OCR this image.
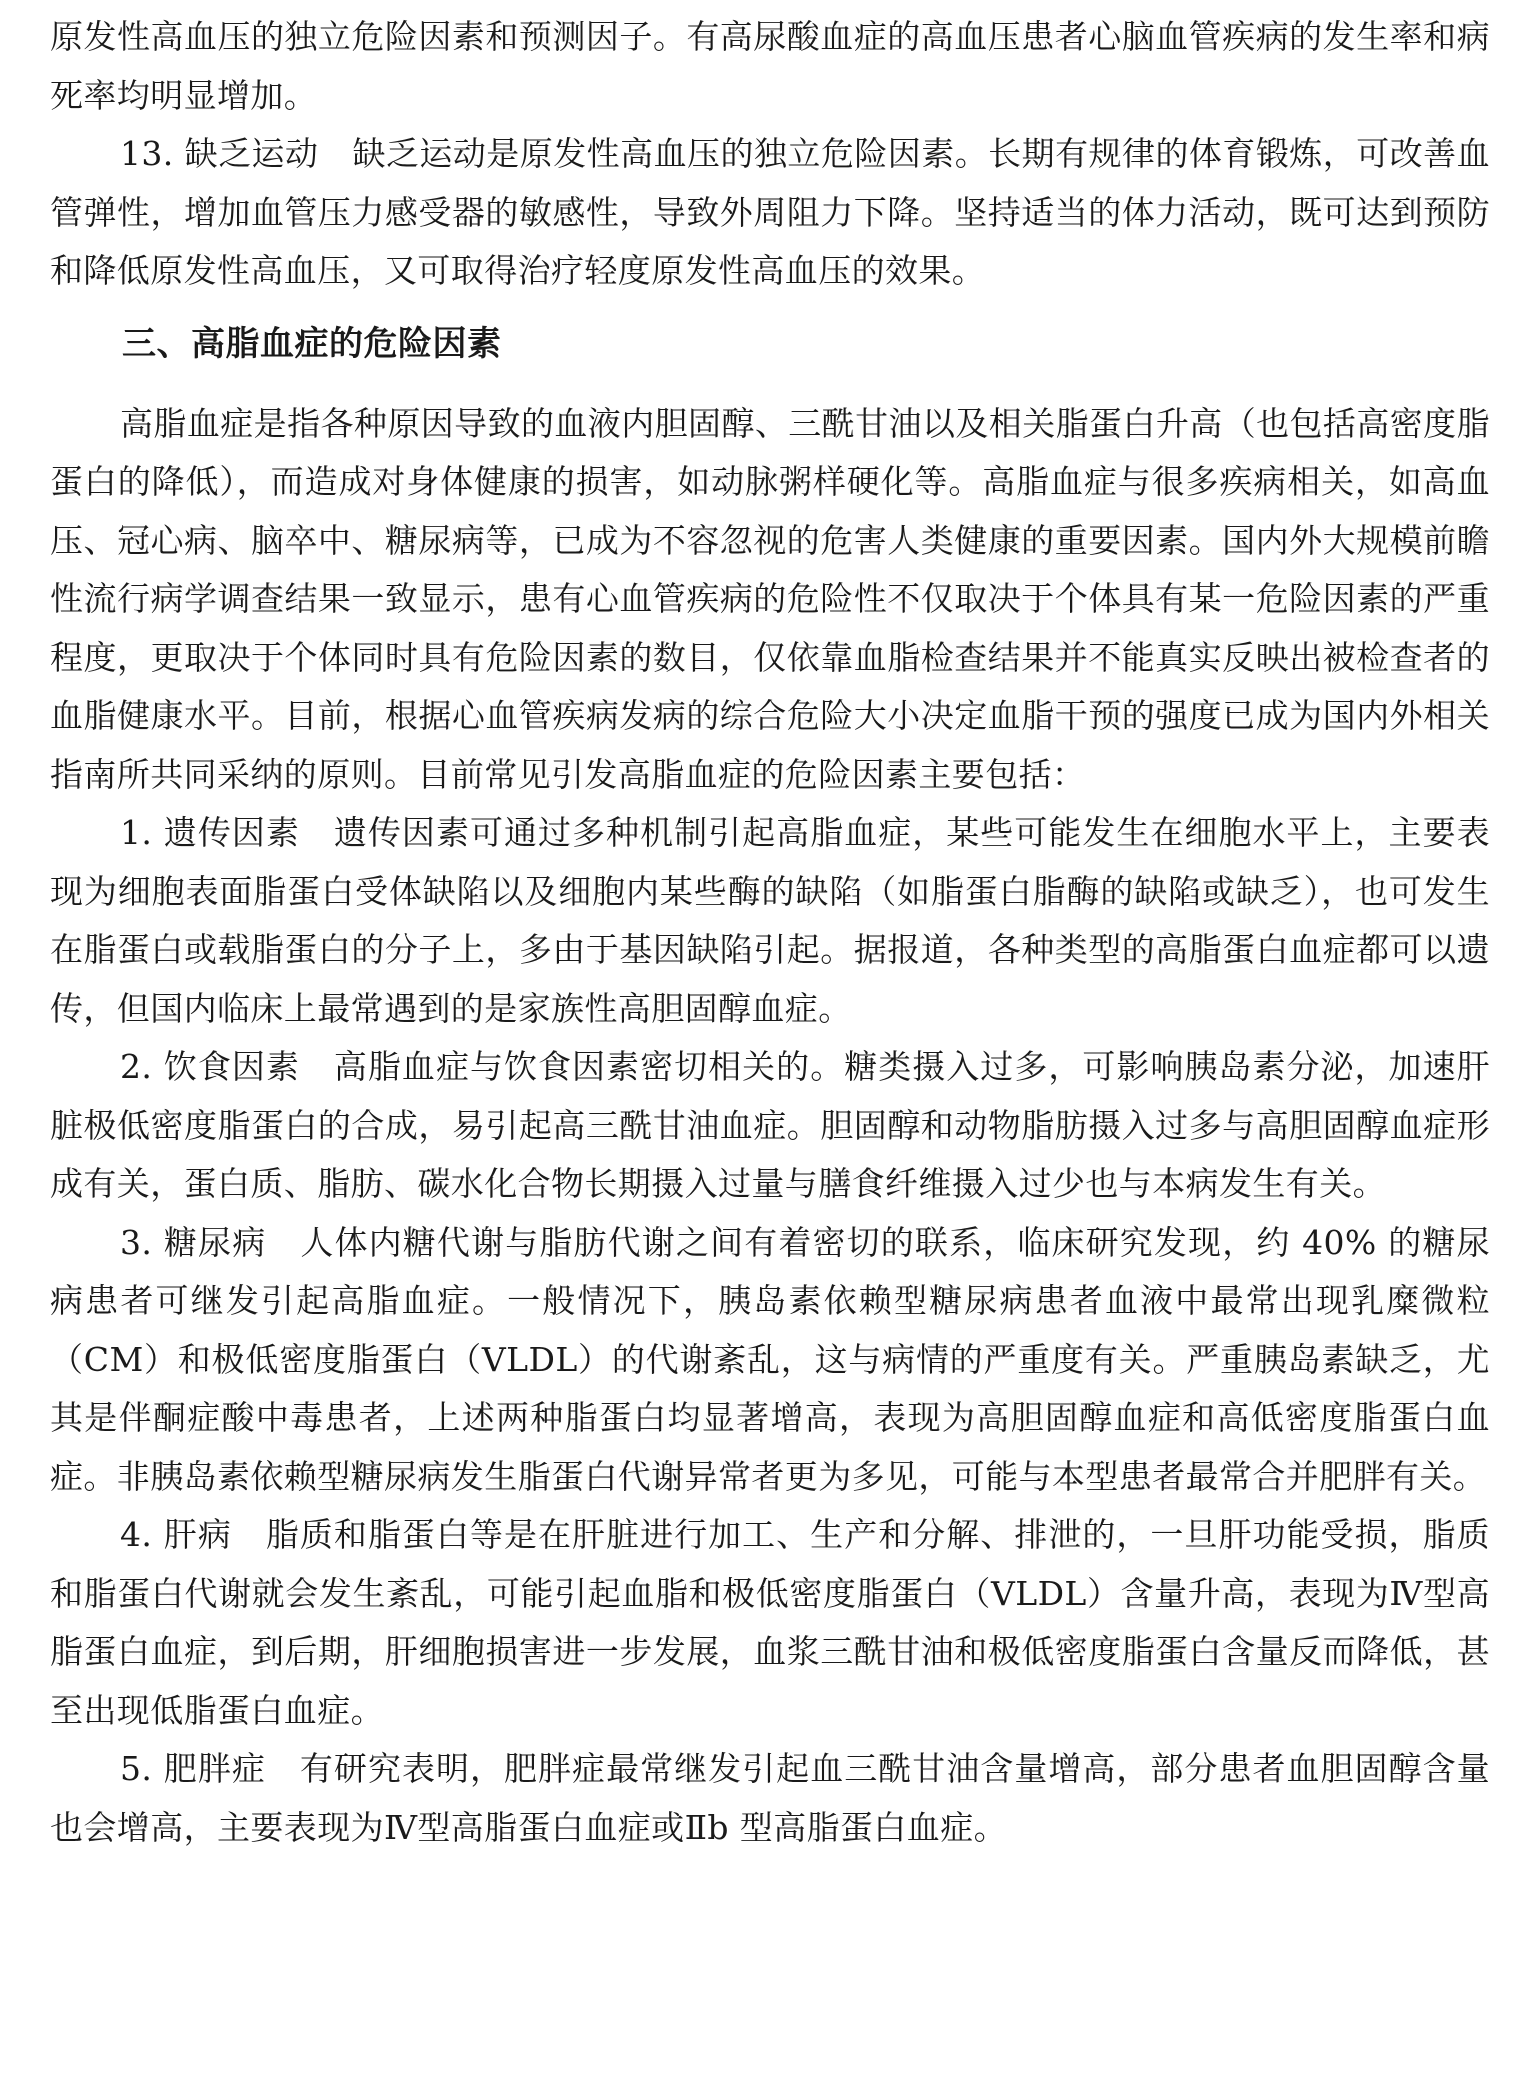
原发性高血压的独立危险因素和预测因子。有高尿酸血症的高血压患者心脑血管疾病的发生率和病死率均明显增加。

13. 缺乏运动 缺乏运动是原发性高血压的独立危险因素。长期有规律的体育锻炼，可改善血管弹性，增加血管压力感受器的敏感性，导致外周阻力下降。坚持适当的体力活动，既可达到预防和降低原发性高血压，又可取得治疗轻度原发性高血压的效果。

三、高脂血症的危险因素

高脂血症是指各种原因导致的血液内胆固醇、三酰甘油以及相关脂蛋白升高（也包括高密度脂蛋白的降低），而造成对身体健康的损害，如动脉粥样硬化等。高脂血症与很多疾病相关，如高血压、冠心病、脑卒中、糖尿病等，已成为不容忽视的危害人类健康的重要因素。国内外大规模前瞻性流行病学调查结果一致显示，患有心血管疾病的危险性不仅取决于个体具有某一危险因素的严重程度，更取决于个体同时具有危险因素的数目，仅依靠血脂检查结果并不能真实反映出被检查者的血脂健康水平。目前，根据心血管疾病发病的综合危险大小决定血脂干预的强度已成为国内外相关指南所共同采纳的原则。目前常见引发高脂血症的危险因素主要包括：

1. 遗传因素 遗传因素可通过多种机制引起高脂血症，某些可能发生在细胞水平上，主要表现为细胞表面脂蛋白受体缺陷以及细胞内某些酶的缺陷（如脂蛋白脂酶的缺陷或缺乏），也可发生在脂蛋白或载脂蛋白的分子上，多由于基因缺陷引起。据报道，各种类型的高脂蛋白血症都可以遗传，但国内临床上最常遇到的是家族性高胆固醇血症。

2. 饮食因素 高脂血症与饮食因素密切相关的。糖类摄入过多，可影响胰岛素分泌，加速肝脏极低密度脂蛋白的合成，易引起高三酰甘油血症。胆固醇和动物脂肪摄入过多与高胆固醇血症形成有关，蛋白质、脂肪、碳水化合物长期摄入过量与膳食纤维摄入过少也与本病发生有关。

3. 糖尿病 人体内糖代谢与脂肪代谢之间有着密切的联系，临床研究发现，约 40% 的糖尿病患者可继发引起高脂血症。一般情况下，胰岛素依赖型糖尿病患者血液中最常出现乳糜微粒（CM）和极低密度脂蛋白（VLDL）的代谢紊乱，这与病情的严重度有关。严重胰岛素缺乏，尤其是伴酮症酸中毒患者，上述两种脂蛋白均显著增高，表现为高胆固醇血症和高低密度脂蛋白血症。非胰岛素依赖型糖尿病发生脂蛋白代谢异常者更为多见，可能与本型患者最常合并肥胖有关。

4. 肝病 脂质和脂蛋白等是在肝脏进行加工、生产和分解、排泄的，一旦肝功能受损，脂质和脂蛋白代谢就会发生紊乱，可能引起血脂和极低密度脂蛋白（VLDL）含量升高，表现为Ⅳ型高脂蛋白血症，到后期，肝细胞损害进一步发展，血浆三酰甘油和极低密度脂蛋白含量反而降低，甚至出现低脂蛋白血症。

5. 肥胖症 有研究表明，肥胖症最常继发引起血三酰甘油含量增高，部分患者血胆固醇含量也会增高，主要表现为Ⅳ型高脂蛋白血症或Ⅱb 型高脂蛋白血症。
